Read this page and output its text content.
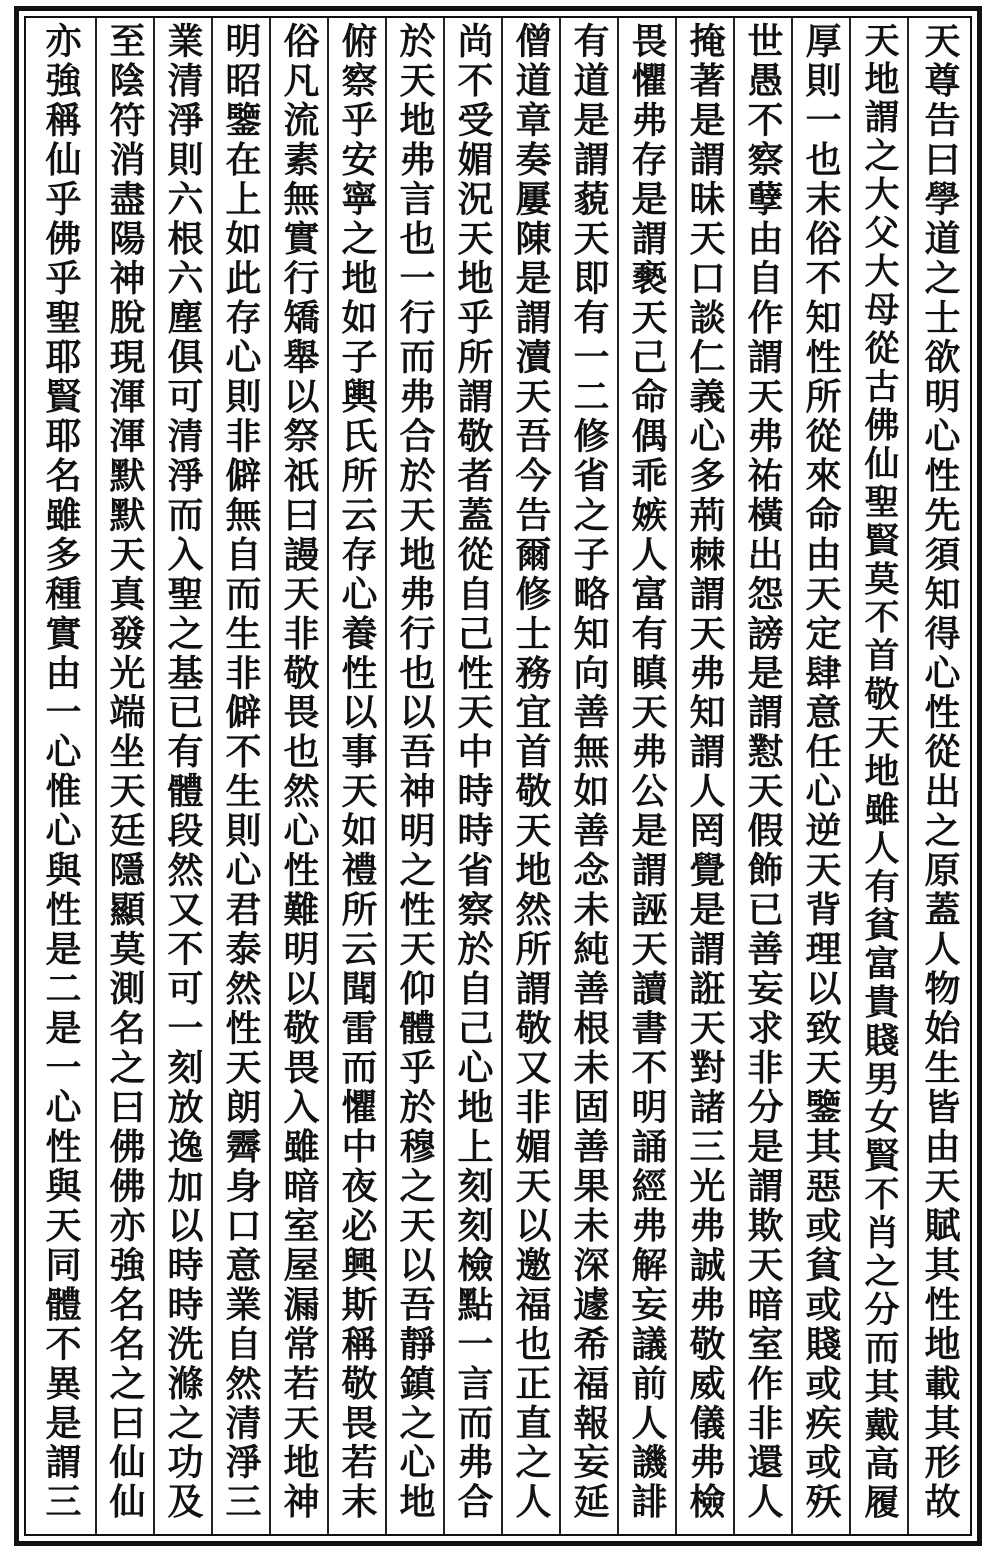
天尊告曰學道之士欲明心性先須知得心性從出之原蓋人物始生皆由天賦其性地載其形故
天地謂之大父大母從古佛仙聖賢莫不首敬天地雖人有貧富貴賤男女賢不肖之分而其戴高履
厚則一也末俗不知性所從來命由天定肆意任心逆天背理以致天鑒其惡或貧或賤或疾或殀
世愚不察孽由自作謂天弗祐橫出怨謗是謂懟天假飾已善妄求非分是謂欺天暗室作非還人
掩著是謂昧天口談仁義心多荊棘謂天弗知謂人罔覺是謂誑天對諸三光弗誠弗敬威儀弗檢
畏懼弗存是謂褻天己命偶乖嫉人富有瞋天弗公是謂誣天讀書不明誦經弗解妄議前人譏誹
有道是謂藐天即有一二修省之子略知向善無如善念未純善根未固善果未深遽希福報妄延
僧道章奏屢陳是謂瀆天吾今告爾修士務宜首敬天地然所謂敬又非媚天以邀福也正直之人
尚不受媚況天地乎所謂敬者蓋從自己性天中時時省察於自己心地上刻刻檢點一言而弗合
於天地弗言也一行而弗合於天地弗行也以吾神明之性天仰體乎於穆之天以吾靜鎮之心地
俯察乎安寧之地如子輿氏所云存心養性以事天如禮所云聞雷而懼中夜必興斯稱敬畏若末
俗凡流素無實行矯舉以祭祇曰謾天非敬畏也然心性難明以敬畏入雖暗室屋漏常若天地神
明昭鑒在上如此存心則非僻無自而生非僻不生則心君泰然性天朗霽身口意業自然清淨三
業清淨則六根六塵俱可清淨而入聖之基已有體段然又不可一刻放逸加以時時洗滌之功及
至陰符消盡陽神脫現渾渾默默天真發光端坐天廷隱顯莫測名之曰佛佛亦強名名之曰仙仙
亦強稱仙乎佛乎聖耶賢耶名雖多種實由一心惟心與性是二是一心性與天同體不異是謂三
